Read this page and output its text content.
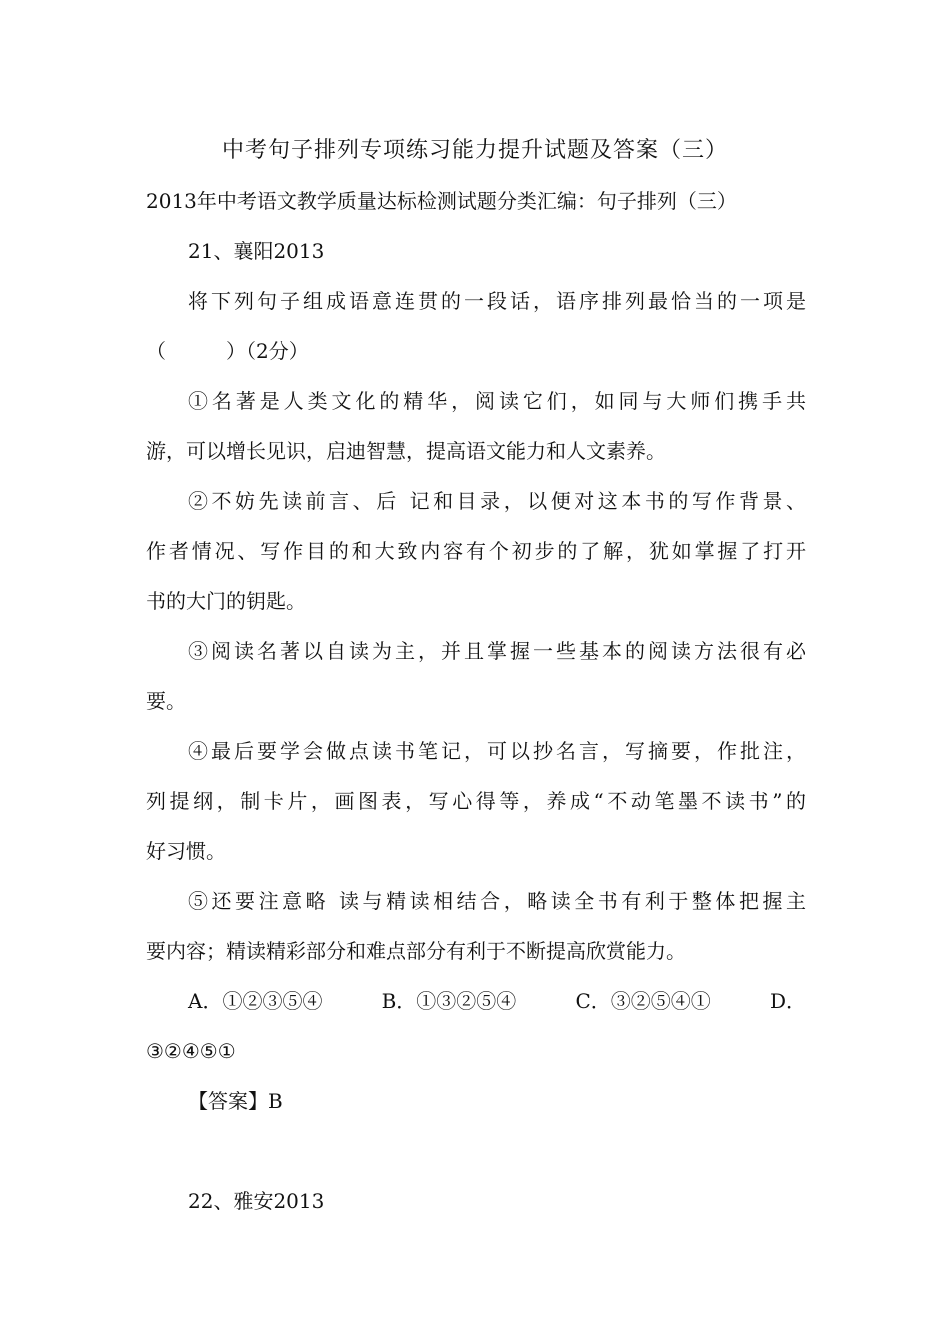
中考句子排列专项练习能力提升试题及答案（三）
2013年中考语文教学质量达标检测试题分类汇编：句子排列（三）
21、襄阳2013
将下列句子组成语意连贯的一段话，语序排列最恰当的一项是
（　　　）（2分）
①名著是人类文化的精华，阅读它们，如同与大师们携手共
游，可以增长见识，启迪智慧，提高语文能力和人文素养。
②不妨先读前言、后 记和目录，以便对这本书的写作背景、
作者情况、写作目的和大致内容有个初步的了解，犹如掌握了打开
书的大门的钥匙。
③阅读名著以自读为主，并且掌握一些基本的阅读方法很有必
要。
④最后要学会做点读书笔记，可以抄名言，写摘要，作批注，
列提纲，制卡片，画图表，写心得等，养成“不动笔墨不读书”的
好习惯。
⑤还要注意略 读与精读相结合，略读全书有利于整体把握主
要内容；精读精彩部分和难点部分有利于不断提高欣赏能力。
A．①②③⑤④	B．①③②⑤④	C．③②⑤④①	D．
③②④⑤①
【答案】B
22、雅安2013
